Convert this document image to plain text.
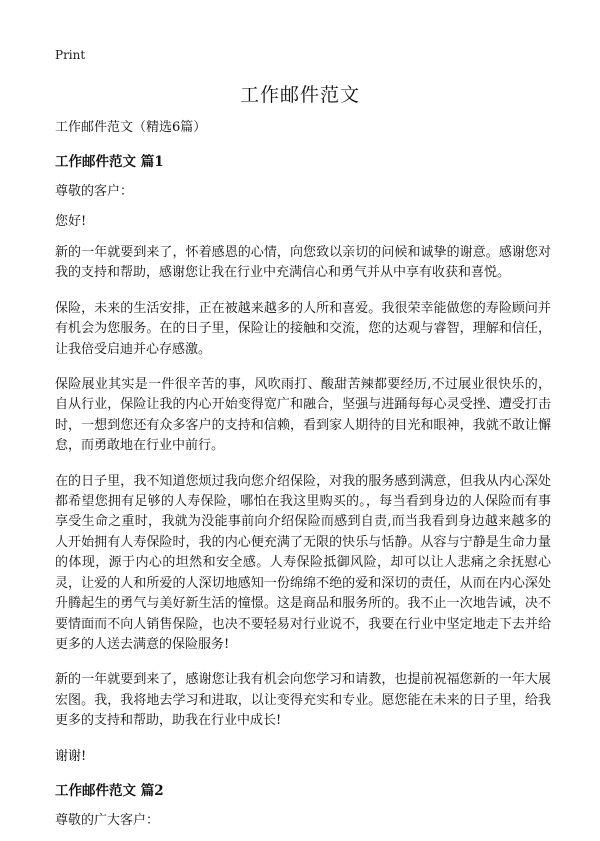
Print
工作邮件范文

工作邮件范文（精选6篇）

工作邮件范文 篇1

尊敬的客户：

您好!

新的一年就要到来了，怀着感恩的心情，向您致以亲切的问候和诚挚的谢意。感谢您对我的支持和帮助，感谢您让我在行业中充满信心和勇气并从中享有收获和喜悦。

保险，未来的生活安排，正在被越来越多的人所和喜爱。我很荣幸能做您的寿险顾问并有机会为您服务。在的日子里，保险让的接触和交流，您的达观与睿智，理解和信任，让我倍受启迪并心存感激。

保险展业其实是一件很辛苦的事，风吹雨打、酸甜苦辣都要经历,不过展业很快乐的，自从行业，保险让我的内心开始变得宽广和融合，坚强与进踊每每心灵受挫、遭受打击时，一想到您还有众多客户的支持和信赖，看到家人期待的目光和眼神，我就不敢让懈怠，而勇敢地在行业中前行。

在的日子里，我不知道您烦过我向您介绍保险，对我的服务感到满意，但我从内心深处都希望您拥有足够的人寿保险，哪怕在我这里购买的。，每当看到身边的人保险而有事享受生命之重时，我就为没能事前向介绍保险而感到自责,而当我看到身边越来越多的人开始拥有人寿保险时，我的内心便充满了无限的快乐与恬静。从容与宁静是生命力量的体现，源于内心的坦然和安全感。人寿保险抵御风险，却可以让人悲痛之余抚慰心灵，让爱的人和所爱的人深切地感知一份绵绵不绝的爱和深切的责任，从而在内心深处升腾起生的勇气与美好新生活的憧憬。这是商品和服务所的。我不止一次地告诫，决不要情面而不向人销售保险，也决不要轻易对行业说不，我要在行业中坚定地走下去并给更多的人送去满意的保险服务!

新的一年就要到来了，感谢您让我有机会向您学习和请教，也提前祝福您新的一年大展宏图。我，我将地去学习和进取，以让变得充实和专业。愿您能在未来的日子里，给我更多的支持和帮助，助我在行业中成长!

谢谢!

工作邮件范文 篇2

尊敬的广大客户：
